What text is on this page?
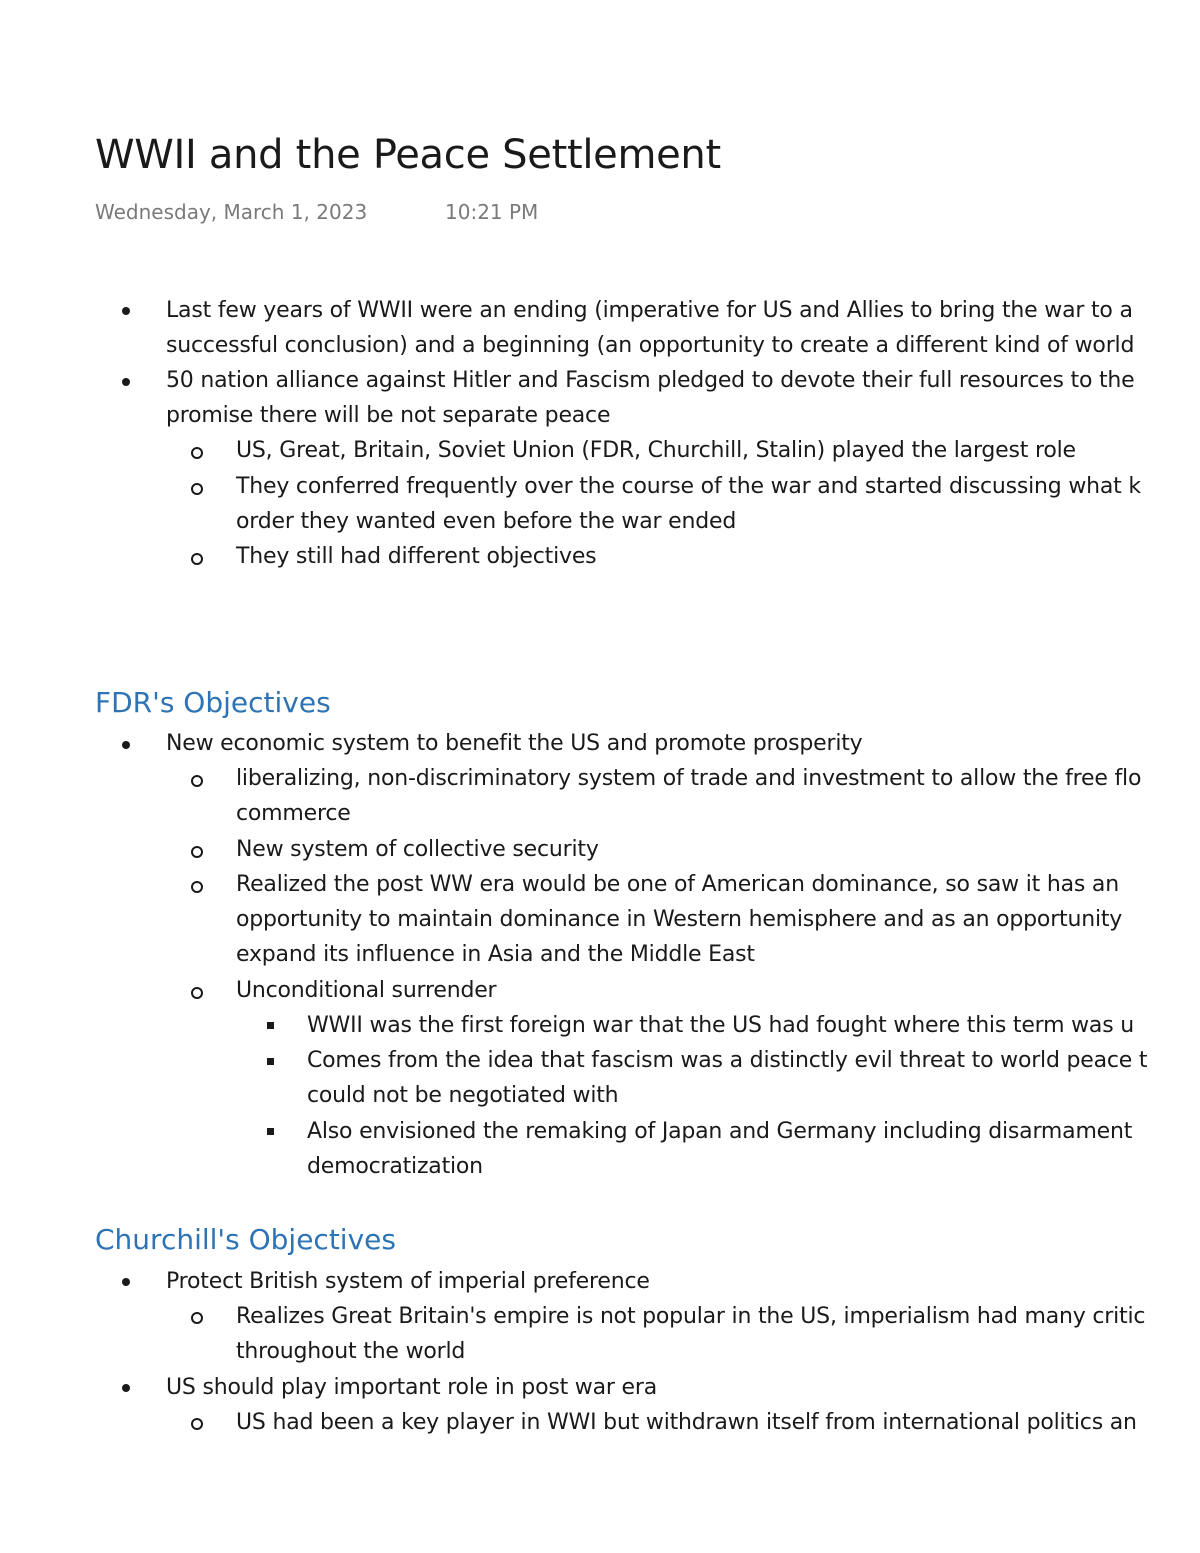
WWII and the Peace Settlement
Wednesday, March 1, 2023	10:21 PM
Last few years of WWII were an ending (imperative for US and Allies to bring the war to a
successful conclusion) and a beginning (an opportunity to create a different kind of world
50 nation alliance against Hitler and Fascism pledged to devote their full resources to the
promise there will be not separate peace
US, Great, Britain, Soviet Union (FDR, Churchill, Stalin) played the largest role
They conferred frequently over the course of the war and started discussing what k
order they wanted even before the war ended
They still had different objectives
FDR's Objectives
New economic system to benefit the US and promote prosperity
liberalizing, non-discriminatory system of trade and investment to allow the free flo
commerce
New system of collective security
Realized the post WW era would be one of American dominance, so saw it has an
opportunity to maintain dominance in Western hemisphere and as an opportunity
expand its influence in Asia and the Middle East
Unconditional surrender
WWII was the first foreign war that the US had fought where this term was u
Comes from the idea that fascism was a distinctly evil threat to world peace t
could not be negotiated with
Also envisioned the remaking of Japan and Germany including disarmament
democratization
Churchill's Objectives
Protect British system of imperial preference
Realizes Great Britain's empire is not popular in the US, imperialism had many critic
throughout the world
US should play important role in post war era
US had been a key player in WWI but withdrawn itself from international politics an
